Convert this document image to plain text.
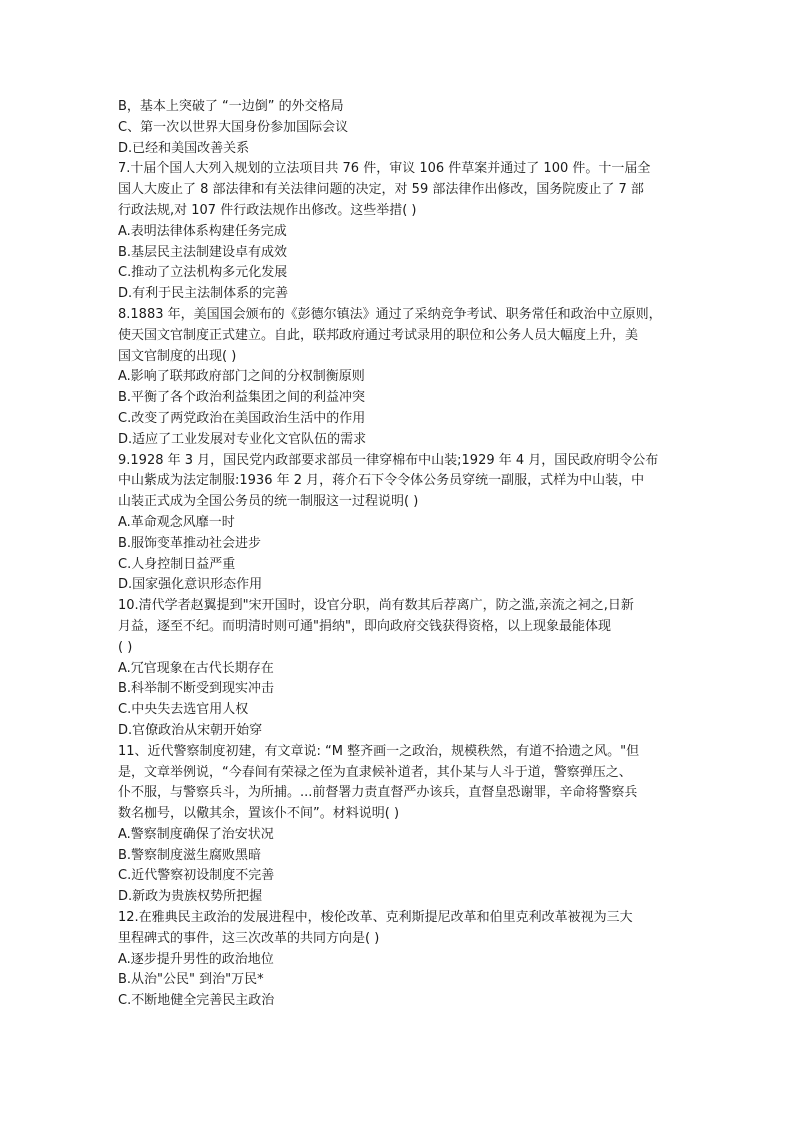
B，基本上突破了 “一边倒” 的外交格局
C、第一次以世界大国身份参加国际会议
D.已经和美国改善关系
7.十届个国人大列入规划的立法项目共 76 件，审议 106 件草案并通过了 100 件。十一届全
国人大废止了 8 部法律和有关法律问题的决定，对 59 部法律作出修改，国务院废止了 7 部
行政法规,对 107 件行政法规作出修改。这些举措( )
A.表明法律体系构建任务完成
B.基层民主法制建设卓有成效
C.推动了立法机构多元化发展
D.有利于民主法制体系的完善
8.1883 年，美国国会颁布的《彭德尔镇法》通过了采纳竞争考试、职务常任和政治中立原则，
使天国文官制度正式建立。自此，联邦政府通过考试录用的职位和公务人员大幅度上升，美
国文官制度的出现( )
A.影响了联邦政府部门之间的分权制衡原则
B.平衡了各个政治利益集团之间的利益冲突
C.改变了两党政治在美国政治生活中的作用
D.适应了工业发展对专业化文官队伍的需求
9.1928 年 3 月，国民党内政部要求部员一律穿棉布中山装;1929 年 4 月，国民政府明令公布
中山紫成为法定制服:1936 年 2 月，蒋介石下令令体公务员穿统一副服，式样为中山装，中
山装正式成为全国公务员的统一制服这一过程说明( )
A.革命观念风靡一时
B.服饰变革推动社会进步
C.人身控制日益严重
D.国家强化意识形态作用
10.清代学者赵翼提到"宋开国时，设官分职，尚有数其后荐离广，防之滥,亲流之祠之,日新
月益，逐至不纪。而明清时则可通"捐纳"，即向政府交钱获得资格，以上现象最能体现
( )
A.冗官现象在古代长期存在
B.科举制不断受到现实冲击
C.中央失去选官用人权
D.官僚政治从宋朝开始穿
11、近代警察制度初建，有文章说: “M 整齐画一之政治，规模秩然，有道不拾遗之风。"但
是，文章举例说，“今春间有荣禄之侄为直隶候补道者，其仆某与人斗于道，警察弹压之、
仆不服，与警察兵斗，为所捕。...前督署力责直督严办该兵，直督皇恐谢罪，辛命将警察兵
数名枷号，以儆其余，置该仆不间”。材料说明( )
A.警察制度确保了治安状况
B.警察制度滋生腐败黑暗
C.近代警察初设制度不完善
D.新政为贵族权势所把握
12.在雅典民主政治的发展进程中，梭伦改革、克利斯提尼改革和伯里克利改革被视为三大
里程碑式的事件，这三次改革的共同方向是( )
A.逐步提升男性的政治地位
B.从治"公民" 到治"万民*
C.不断地健全完善民主政治
